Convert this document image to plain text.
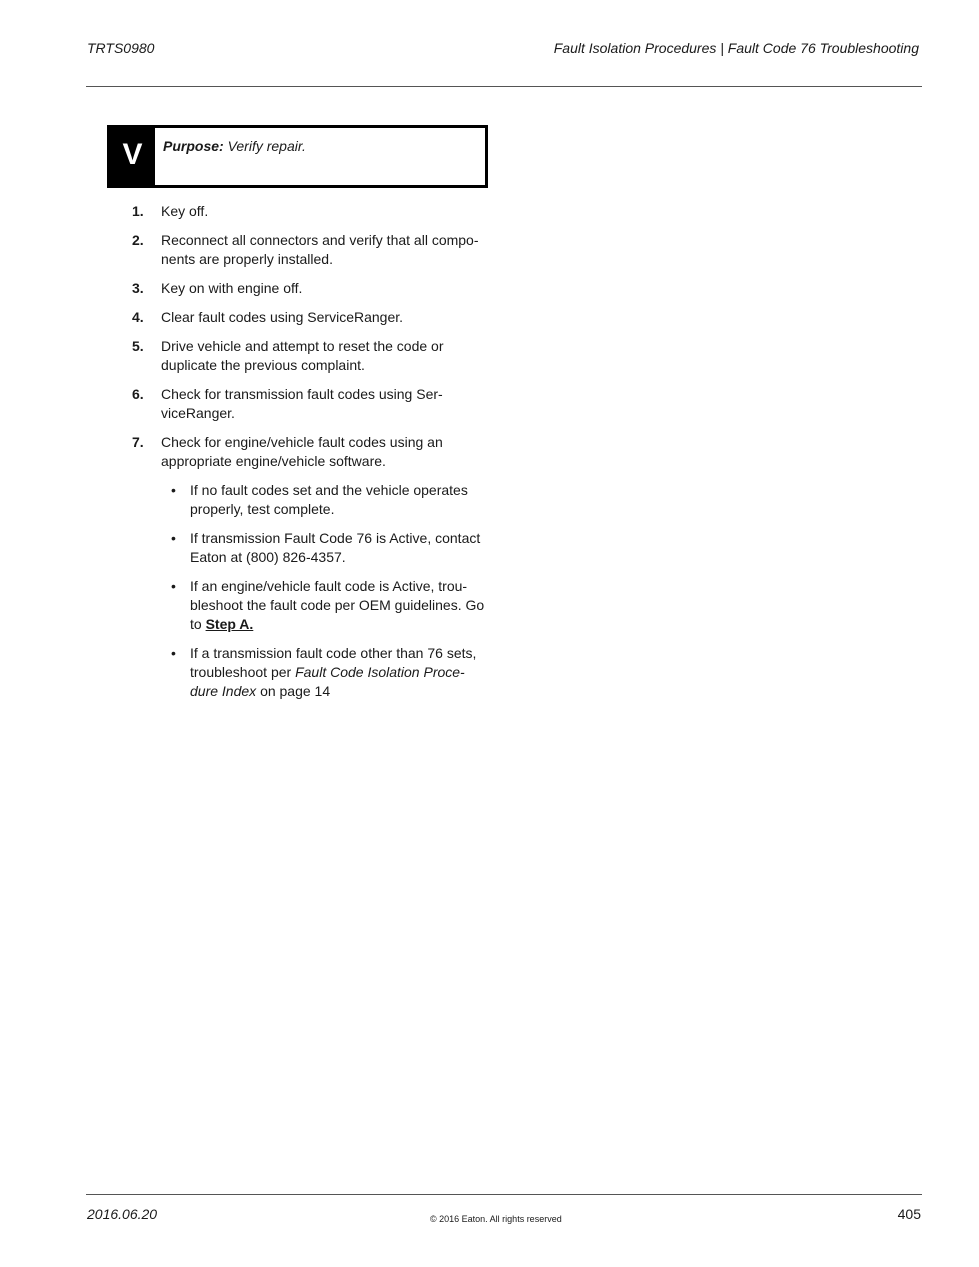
TRTS0980	Fault Isolation Procedures | Fault Code 76 Troubleshooting
V	Purpose: Verify repair.
1. Key off.
2. Reconnect all connectors and verify that all compo-nents are properly installed.
3. Key on with engine off.
4. Clear fault codes using ServiceRanger.
5. Drive vehicle and attempt to reset the code or duplicate the previous complaint.
6. Check for transmission fault codes using Ser-viceRanger.
7. Check for engine/vehicle fault codes using an appropriate engine/vehicle software.
• If no fault codes set and the vehicle operates properly, test complete.
• If transmission Fault Code 76 is Active, contact Eaton at (800) 826-4357.
• If an engine/vehicle fault code is Active, trou-bleshoot the fault code per OEM guidelines. Go to Step A.
• If a transmission fault code other than 76 sets, troubleshoot per Fault Code Isolation Proce-dure Index on page 14
2016.06.20	© 2016 Eaton. All rights reserved	405
